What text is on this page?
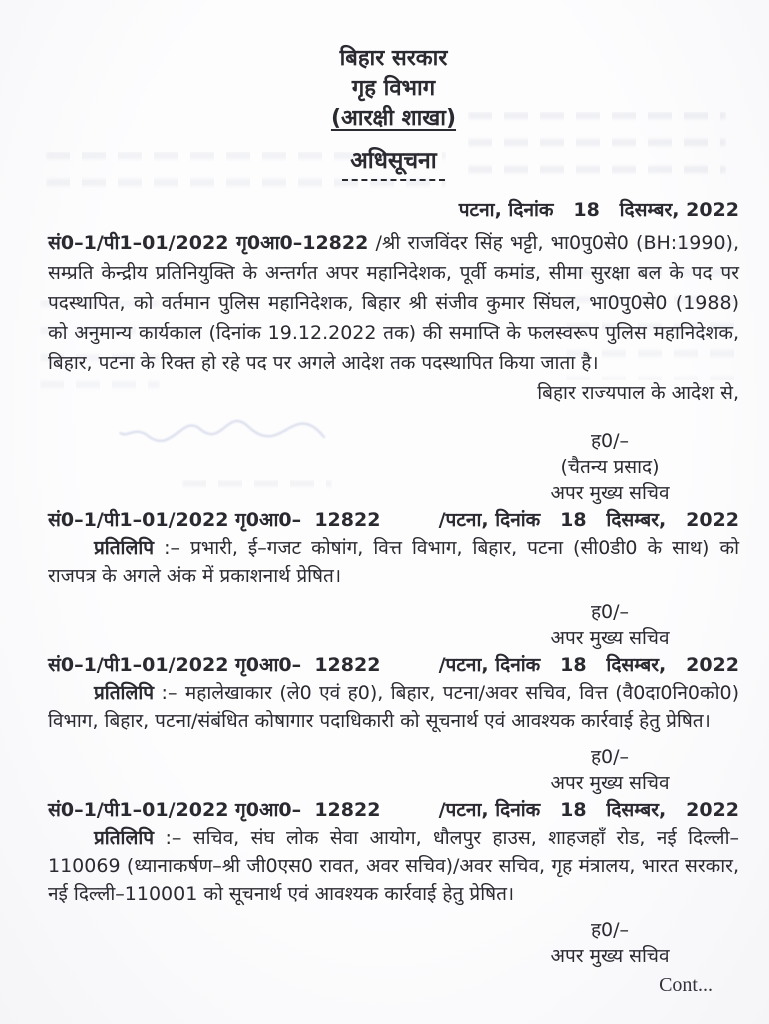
बिहार सरकार
गृह विभाग
(आरक्षी शाखा)
अधिसूचना
पटना, दिनांक   18   दिसम्बर, 2022

सं0–1/पी1–01/2022 गृ0आ0–12822 /श्री राजविंदर सिंह भट्टी, भा0पु0से0 (BH:1990), सम्प्रति केन्द्रीय प्रतिनियुक्ति के अन्तर्गत अपर महानिदेशक, पूर्वी कमांड, सीमा सुरक्षा बल के पद पर पदस्थापित, को वर्तमान पुलिस महानिदेशक, बिहार श्री संजीव कुमार सिंघल, भा0पु0से0 (1988) को अनुमान्य कार्यकाल (दिनांक 19.12.2022 तक) की समाप्ति के फलस्वरूप पुलिस महानिदेशक, बिहार, पटना के रिक्त हो रहे पद पर अगले आदेश तक पदस्थापित किया जाता है।

बिहार राज्यपाल के आदेश से,
ह0/–
(चैतन्य प्रसाद)
अपर मुख्य सचिव
सं0–1/पी1–01/2022 गृ0आ0–  12822	/पटना, दिनांक   18   दिसम्बर,   2022

प्रतिलिपि :– प्रभारी, ई–गजट कोषांग, वित्त विभाग, बिहार, पटना (सी0डी0 के साथ) को राजपत्र के अगले अंक में प्रकाशनार्थ प्रेषित।

ह0/–
अपर मुख्य सचिव
सं0–1/पी1–01/2022 गृ0आ0–  12822	/पटना, दिनांक   18   दिसम्बर,   2022

प्रतिलिपि :– महालेखाकार (ले0 एवं ह0), बिहार, पटना/अवर सचिव, वित्त (वै0दा0नि0को0) विभाग, बिहार, पटना/संबंधित कोषागार पदाधिकारी को सूचनार्थ एवं आवश्यक कार्रवाई हेतु प्रेषित।

ह0/–
अपर मुख्य सचिव
सं0–1/पी1–01/2022 गृ0आ0–  12822	/पटना, दिनांक   18   दिसम्बर,   2022

प्रतिलिपि :– सचिव, संघ लोक सेवा आयोग, धौलपुर हाउस, शाहजहाँ रोड, नई दिल्ली–110069 (ध्यानाकर्षण–श्री जी0एस0 रावत, अवर सचिव)/अवर सचिव, गृह मंत्रालय, भारत सरकार, नई दिल्ली–110001 को सूचनार्थ एवं आवश्यक कार्रवाई हेतु प्रेषित।

ह0/–
अपर मुख्य सचिव
Cont...
